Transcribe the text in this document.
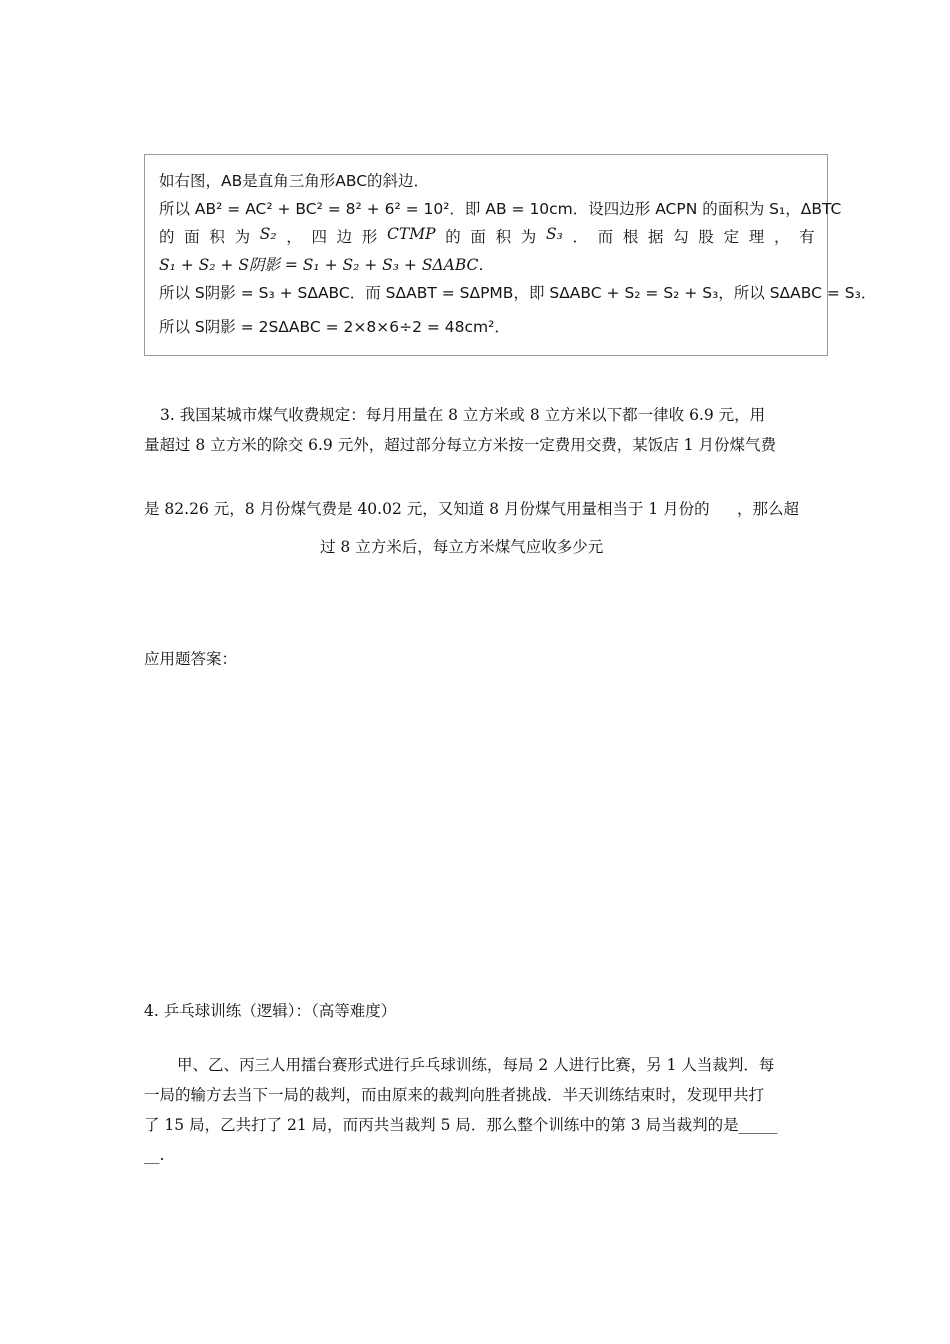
如右图，AB是直角三角形ABC的斜边．
所以 AB² = AC² + BC² = 8² + 6² = 10²．即 AB = 10cm．设四边形 ACPN 的面积为 S₁，ΔBTC
的 面 积 为 S₂ ， 四 边 形 CTMP 的 面 积 为 S₃ ． 而 根 据 勾 股 定 理 ， 有
S₁ + S₂ + S阴影 = S₁ + S₂ + S₃ + SΔABC．
所以 S阴影 = S₃ + SΔABC．而 SΔABT = SΔPMB，即 SΔABC + S₂ = S₂ + S₃，所以 SΔABC = S₃．
所以 S阴影 = 2SΔABC = 2×8×6÷2 = 48cm²．
3. 我国某城市煤气收费规定：每月用量在 8 立方米或 8 立方米以下都一律收 6.9 元，用
量超过 8 立方米的除交 6.9 元外，超过部分每立方米按一定费用交费，某饭店 1 月份煤气费
是 82.26 元，8 月份煤气费是 40.02 元，又知道 8 月份煤气用量相当于 1 月份的 ，那么超
过 8 立方米后，每立方米煤气应收多少元
应用题答案：
4. 乒乓球训练（逻辑）：（高等难度）
甲、乙、丙三人用擂台赛形式进行乒乓球训练，每局 2 人进行比赛，另 1 人当裁判．每
一局的输方去当下一局的裁判，而由原来的裁判向胜者挑战．半天训练结束时，发现甲共打
了 15 局，乙共打了 21 局，而丙共当裁判 5 局．那么整个训练中的第 3 局当裁判的是_____
__.
